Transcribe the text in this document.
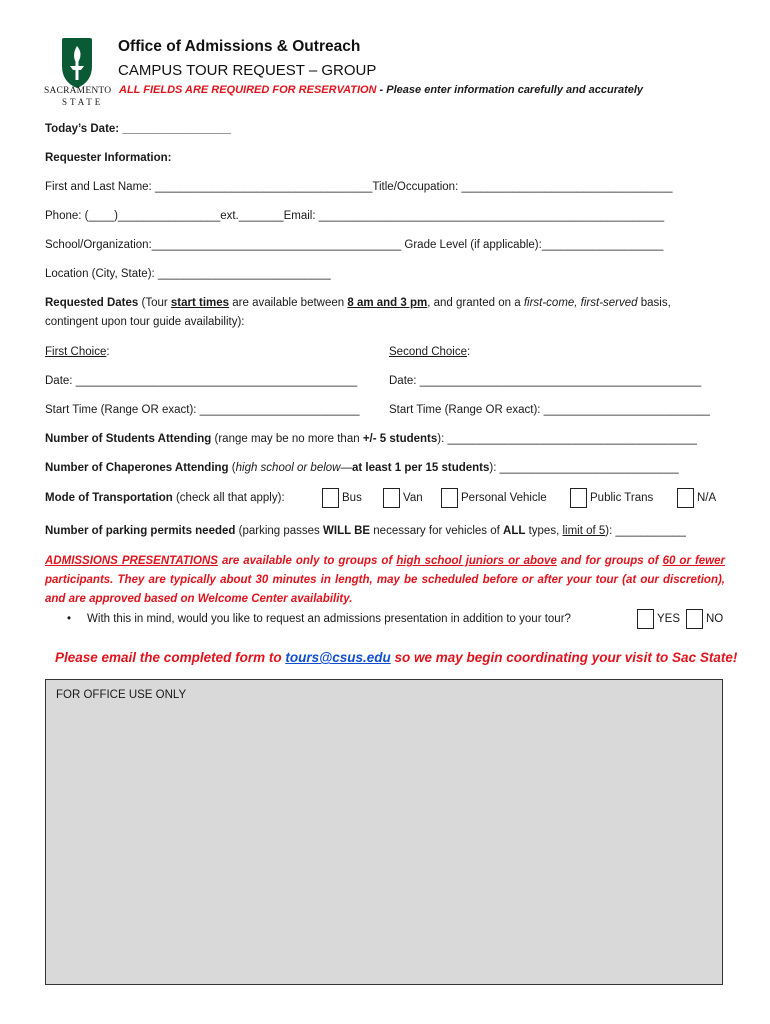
SACRAMENTO
STATE
Office of Admissions & Outreach
CAMPUS TOUR REQUEST – GROUP
ALL FIELDS ARE REQUIRED FOR RESERVATION - Please enter information carefully and accurately
Today’s Date: _________________
Requester Information:
First and Last Name: __________________________________Title/Occupation: _________________________________
Phone: (____)________________ext._______Email: ______________________________________________________
School/Organization:_______________________________________ Grade Level (if applicable):___________________
Location (City, State): ___________________________
Requested Dates (Tour start times are available between 8 am and 3 pm, and granted on a first-come, first-served basis,
contingent upon tour guide availability):
First Choice:	Second Choice:
Date: ____________________________________________	Date: ____________________________________________
Start Time (Range OR exact): _________________________	Start Time (Range OR exact): __________________________
Number of Students Attending (range may be no more than +/- 5 students): _______________________________________
Number of Chaperones Attending (high school or below—at least 1 per 15 students): ____________________________
Mode of Transportation (check all that apply):	Bus	Van	Personal Vehicle	Public Trans	N/A
Number of parking permits needed (parking passes WILL BE necessary for vehicles of ALL types, limit of 5): ___________
ADMISSIONS PRESENTATIONS are available only to groups of high school juniors or above and for groups of 60 or fewer participants. They are typically about 30 minutes in length, may be scheduled before or after your tour (at our discretion), and are approved based on Welcome Center availability.
• With this in mind, would you like to request an admissions presentation in addition to your tour?	YES	NO
Please email the completed form to tours@csus.edu so we may begin coordinating your visit to Sac State!
FOR OFFICE USE ONLY
